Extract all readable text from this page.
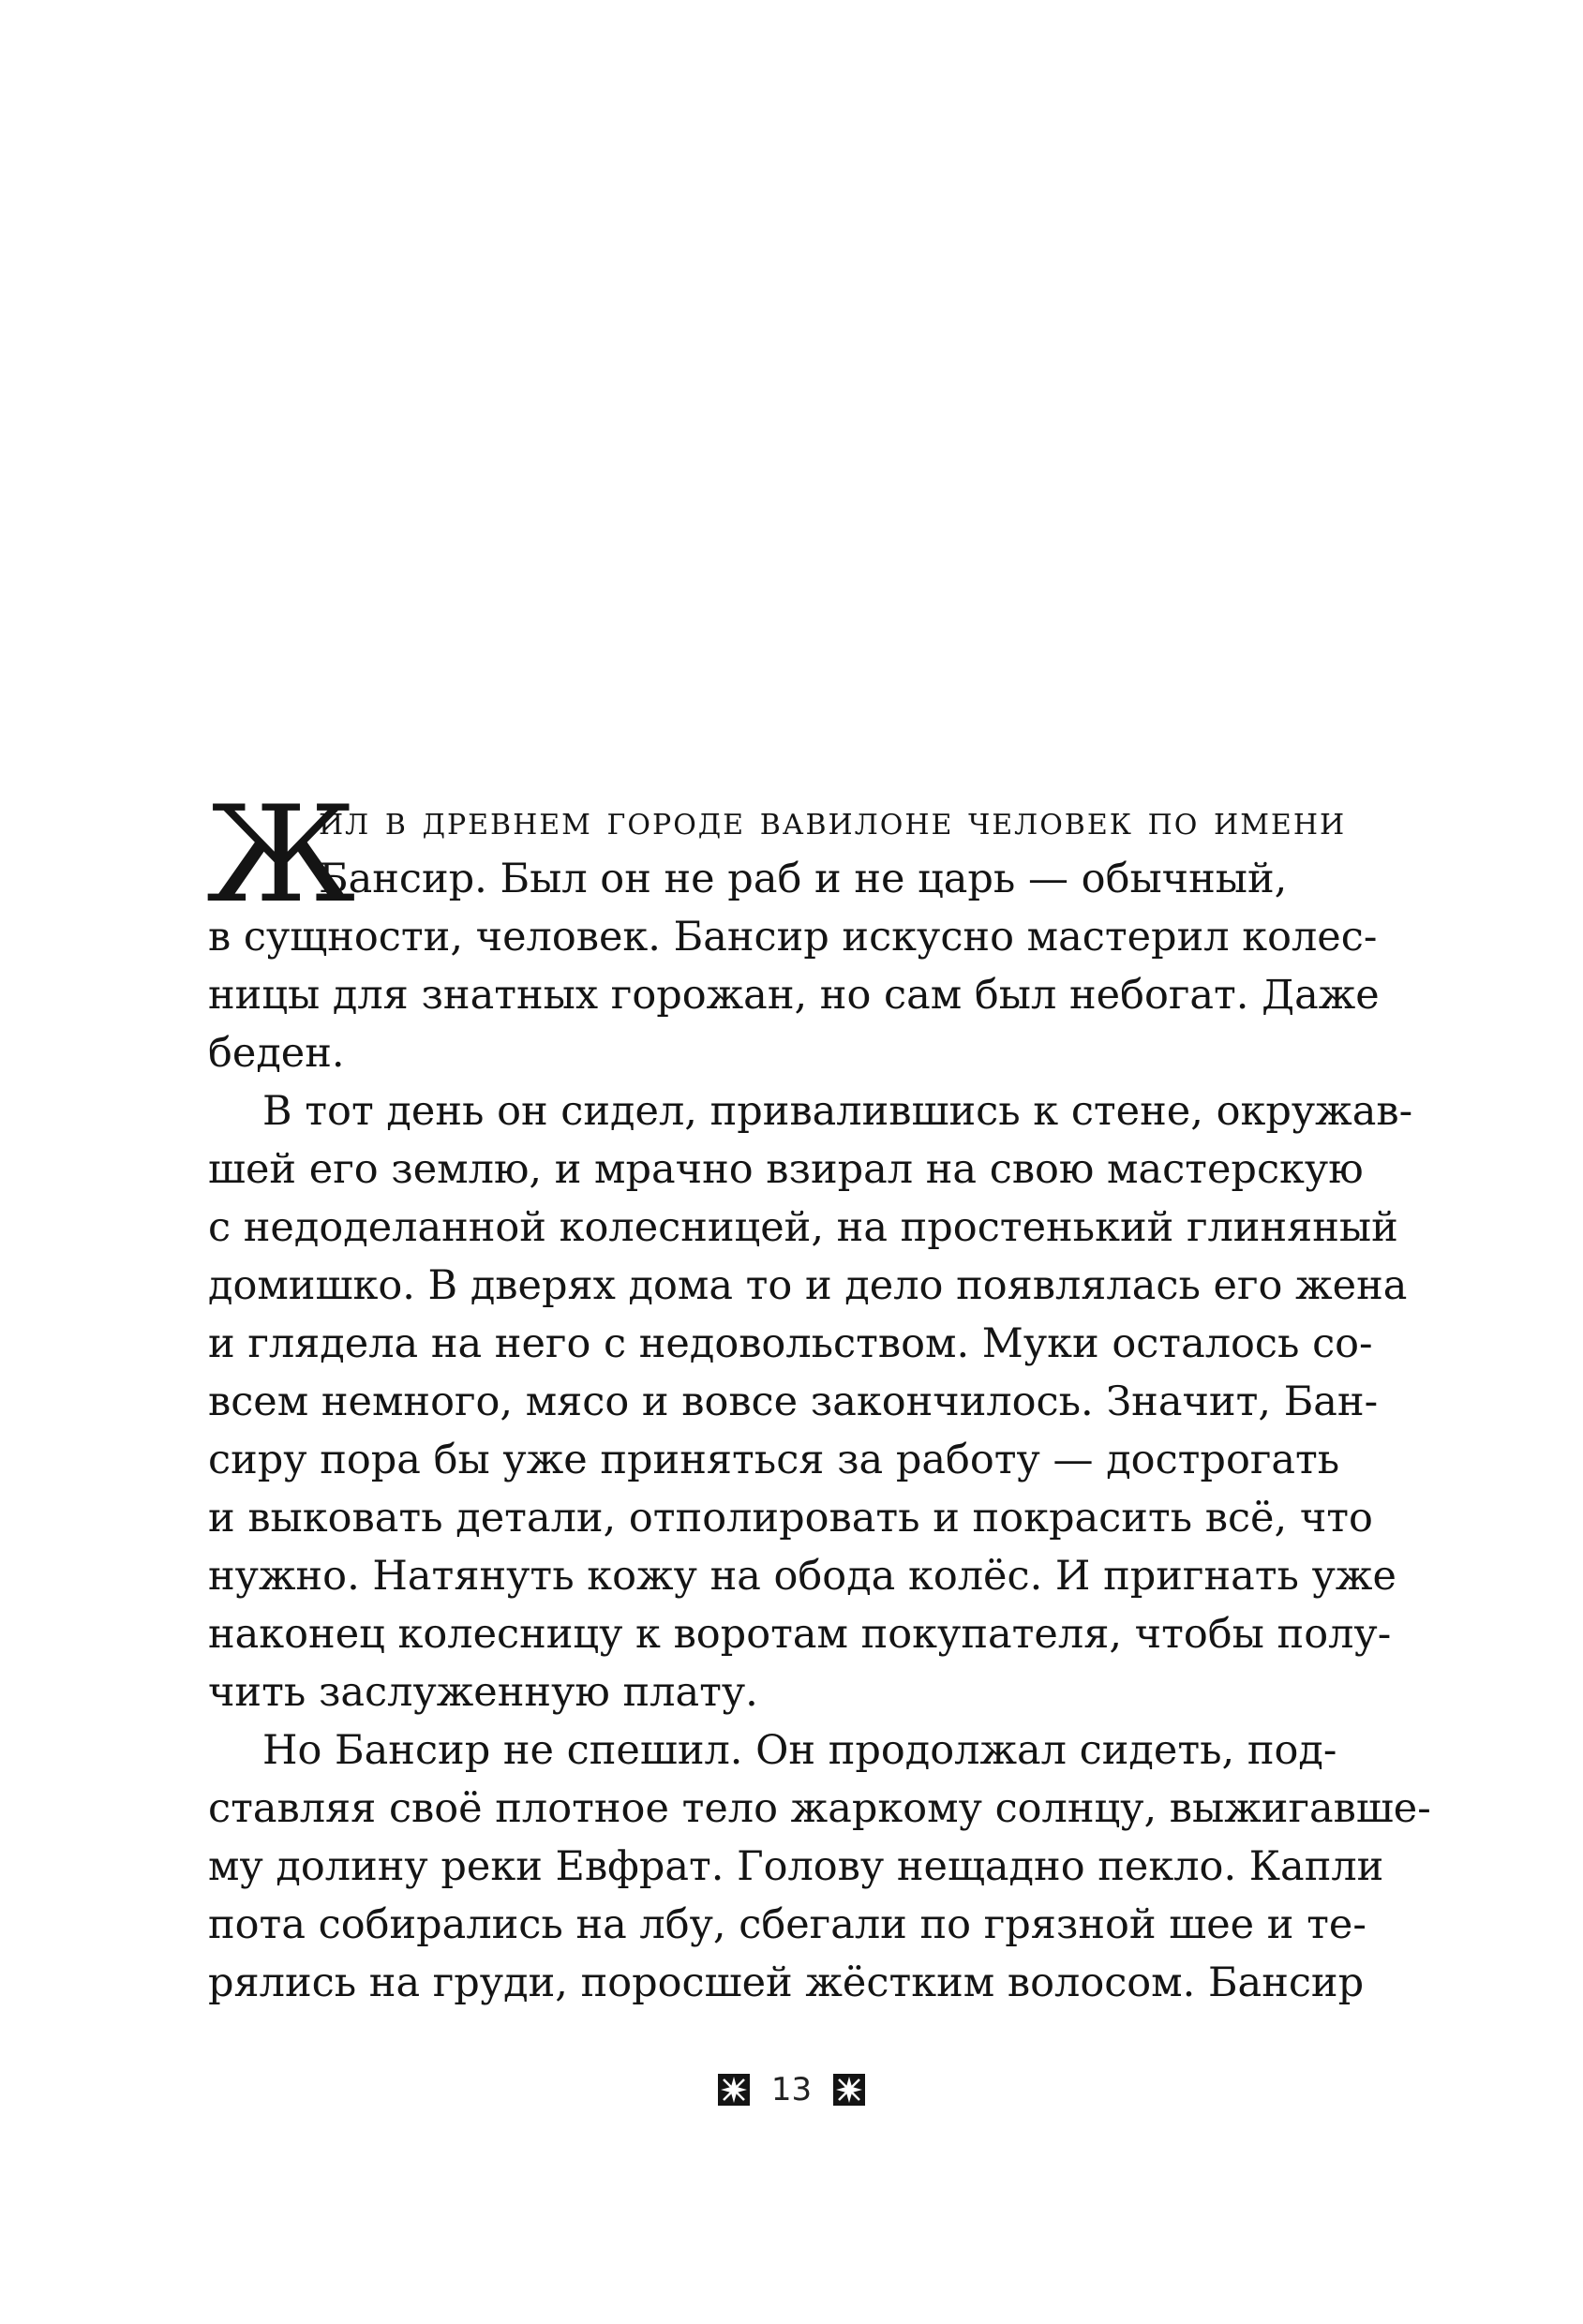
Ж
ил в древнем городе вавилоне человек по имени
Бансир. Был он не раб и не царь — обычный,
в сущности, человек. Бансир искусно мастерил колес-
ницы для знатных горожан, но сам был небогат. Даже
беден.
В тот день он сидел, привалившись к стене, окружав-
шей его землю, и мрачно взирал на свою мастерскую
с недоделанной колесницей, на простенький глиняный
домишко. В дверях дома то и дело появлялась его жена
и глядела на него с недовольством. Муки осталось со-
всем немного, мясо и вовсе закончилось. Значит, Бан-
сиру пора бы уже приняться за работу — дострогать
и выковать детали, отполировать и покрасить всё, что
нужно. Натянуть кожу на обода колёс. И пригнать уже
наконец колесницу к воротам покупателя, чтобы полу-
чить заслуженную плату.
Но Бансир не спешил. Он продолжал сидеть, под-
ставляя своё плотное тело жаркому солнцу, выжигавше-
му долину реки Евфрат. Голову нещадно пекло. Капли
пота собирались на лбу, сбегали по грязной шее и те-
рялись на груди, поросшей жёстким волосом. Бансир
13
